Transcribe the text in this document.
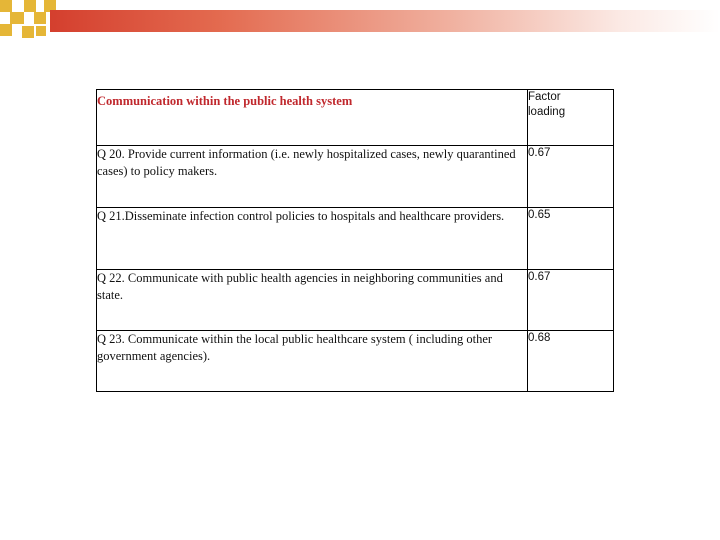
Communication within the public health system	Factor loading

Q 20. Provide current information (i.e. newly hospitalized cases, newly quarantined cases) to policy makers.	0.67
Q 21.Disseminate infection control policies to hospitals and healthcare providers.	0.65
Q 22. Communicate with public health agencies in neighboring communities and state.	0.67
Q 23. Communicate within the local public healthcare system ( including other government agencies).	0.68
